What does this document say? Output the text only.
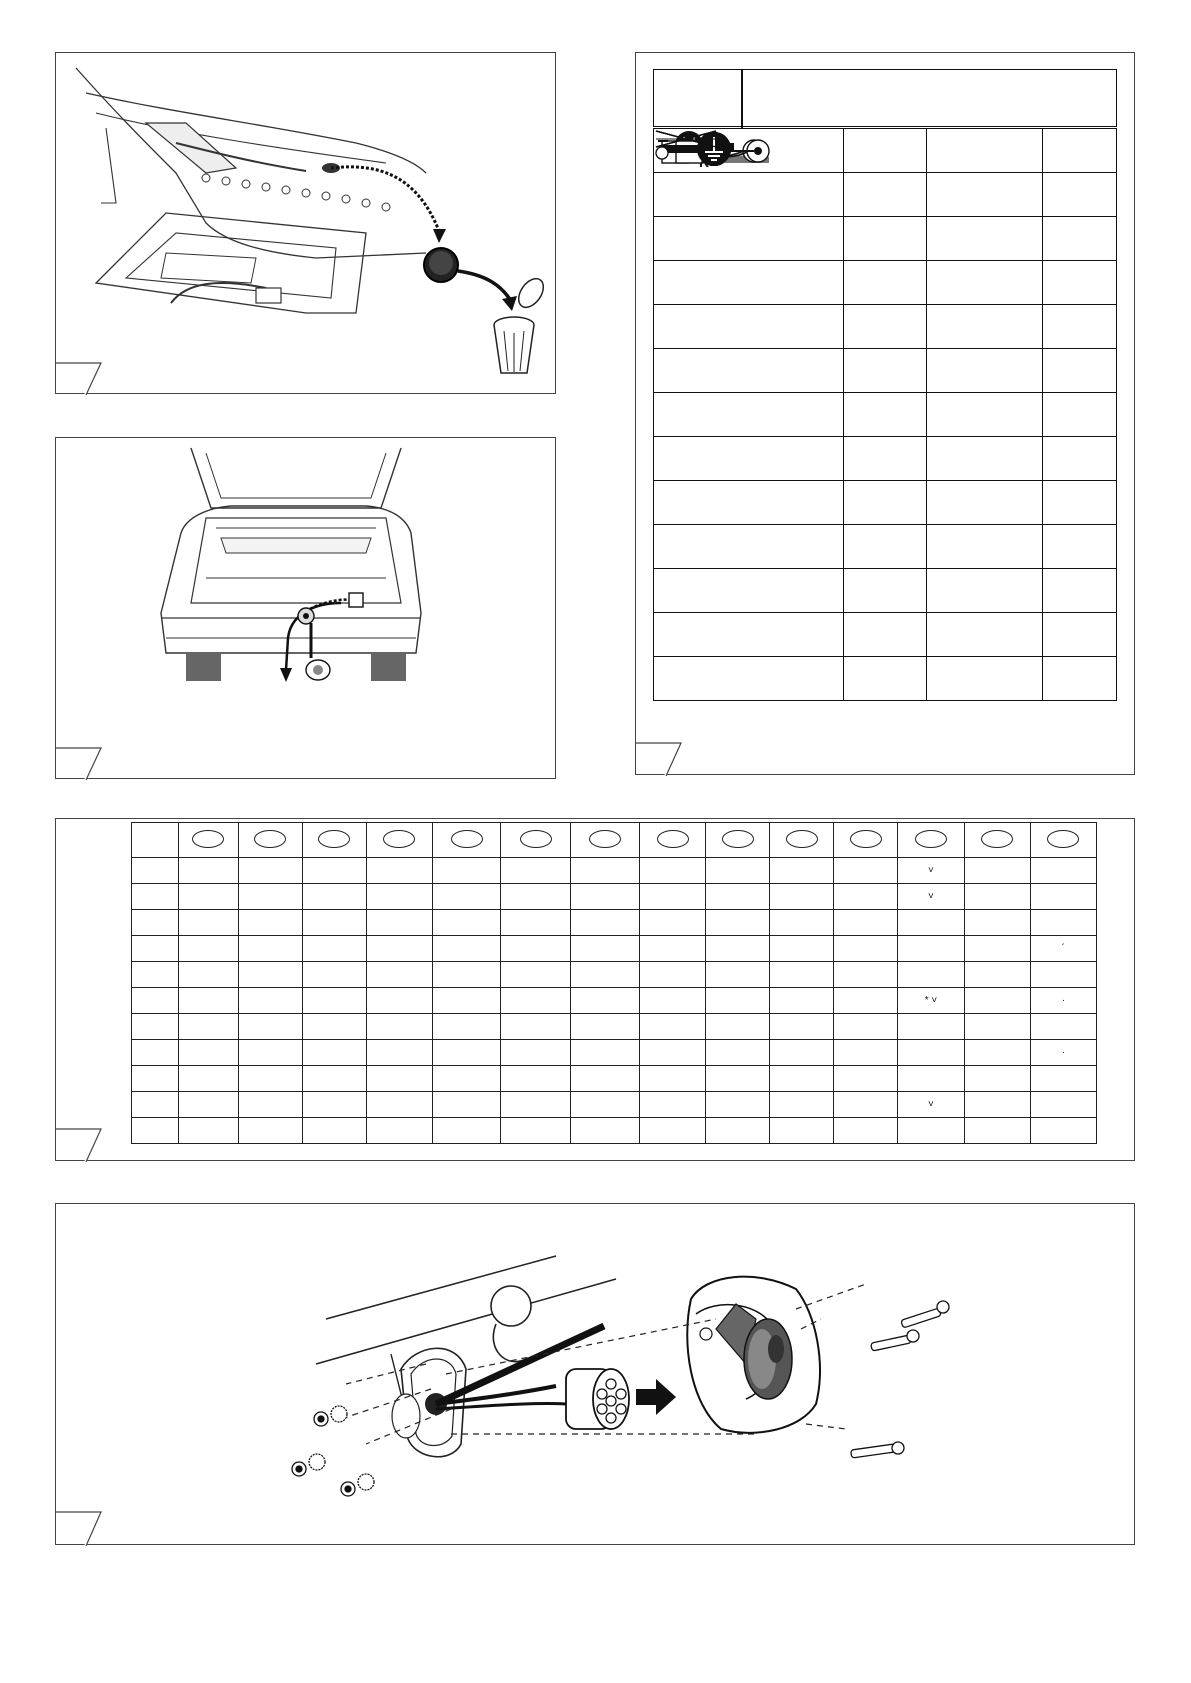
												˅		
												˅		

														´

												* ˅		·

														·

												˅		
